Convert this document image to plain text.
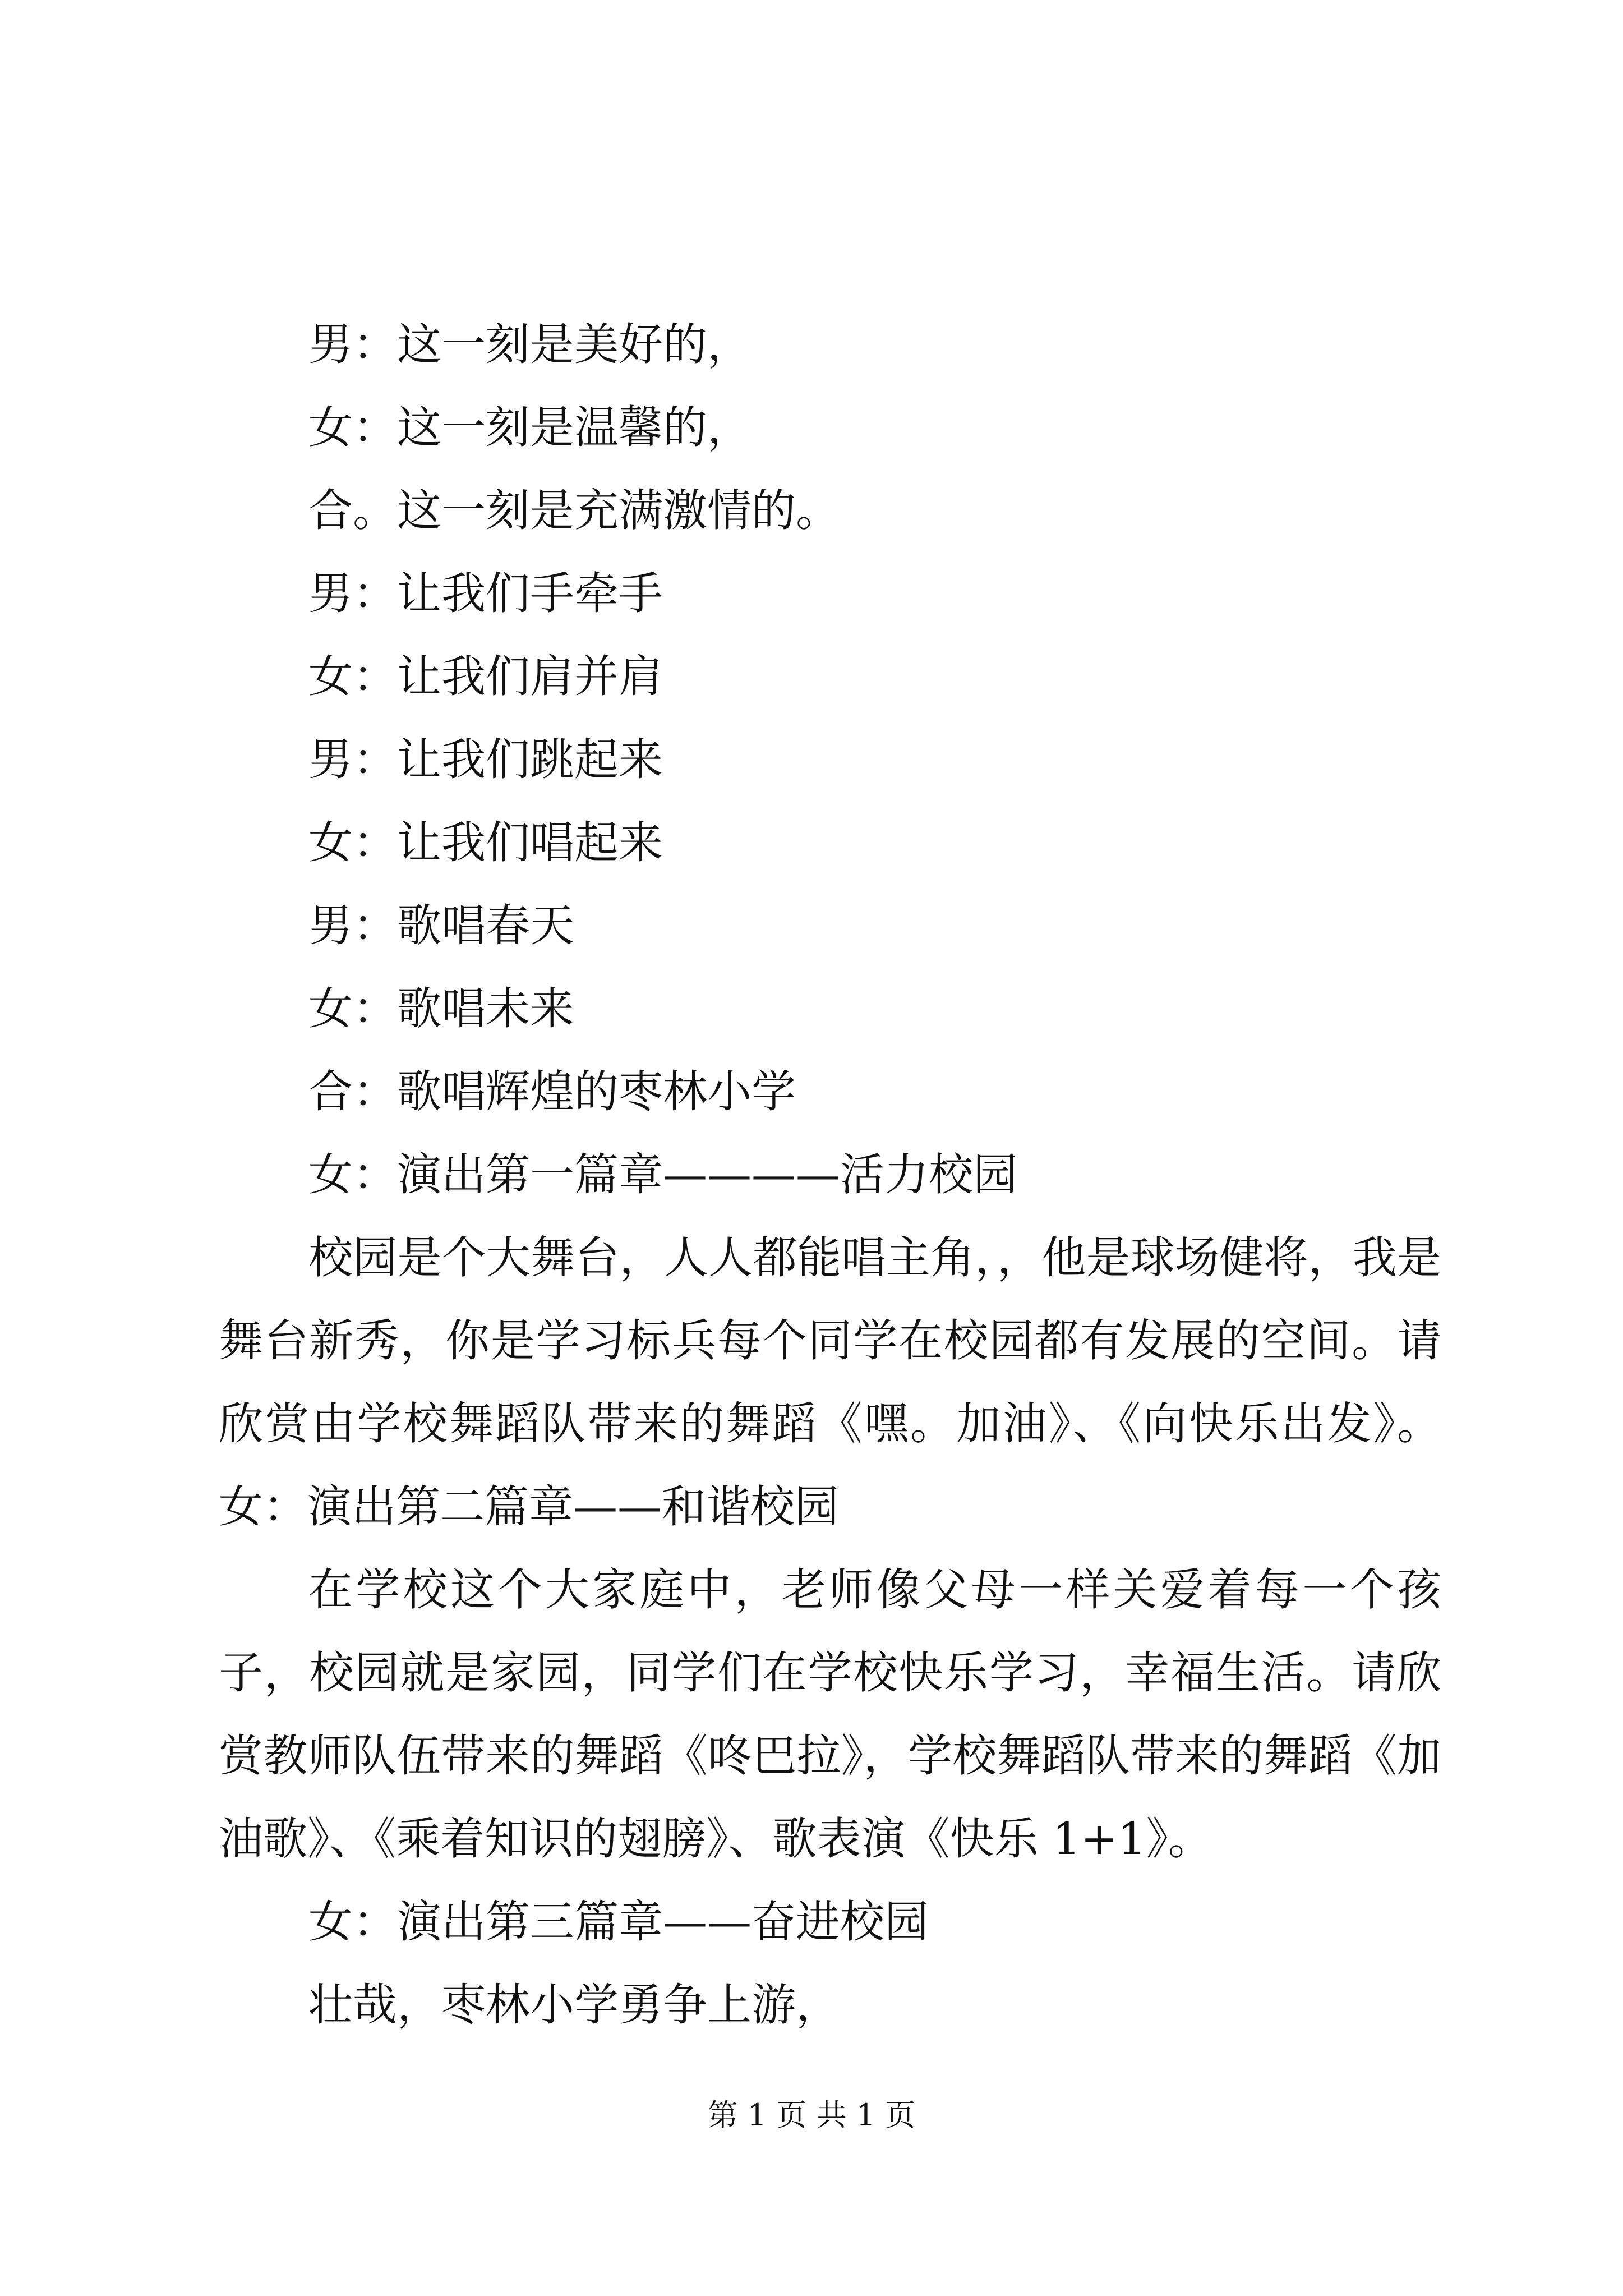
男：这一刻是美好的，

女：这一刻是温馨的，

合。这一刻是充满激情的。

男：让我们手牵手

女：让我们肩并肩

男：让我们跳起来

女：让我们唱起来

男：歌唱春天

女：歌唱未来

合：歌唱辉煌的枣林小学

女：演出第一篇章————活力校园

校园是个大舞台，人人都能唱主角，，他是球场健将，我是舞台新秀，你是学习标兵每个同学在校园都有发展的空间。请欣赏由学校舞蹈队带来的舞蹈《嘿。加油》、《向快乐出发》。女：演出第二篇章——和谐校园

在学校这个大家庭中，老师像父母一样关爱着每一个孩子，校园就是家园，同学们在学校快乐学习，幸福生活。请欣赏教师队伍带来的舞蹈《咚巴拉》，学校舞蹈队带来的舞蹈《加油歌》、《乘着知识的翅膀》、歌表演《快乐 1+1》。

女：演出第三篇章——奋进校园

壮哉，枣林小学勇争上游，

第 1 页 共 1 页
